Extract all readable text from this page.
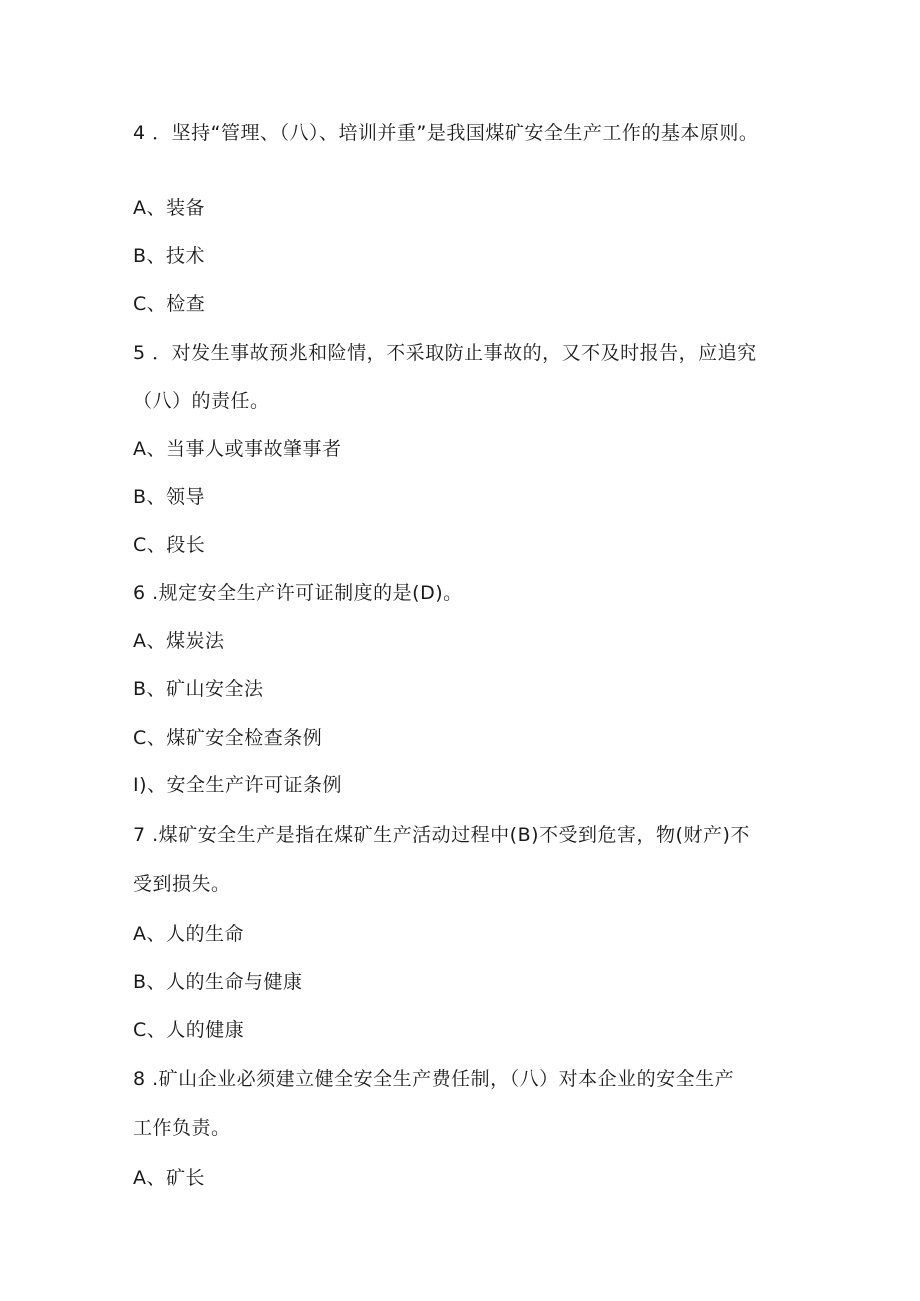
4 ．坚持“管理、（八）、培训并重”是我国煤矿安全生产工作的基本原则。
A、装备
B、技术
C、检查
5 ．对发生事故预兆和险情，不采取防止事故的，又不及时报告，应追究
（八）的责任。
A、当事人或事故肇事者
B、领导
C、段长
6 .规定安全生产许可证制度的是(D)。
A、煤炭法
B、矿山安全法
C、煤矿安全检查条例
I)、安全生产许可证条例
7 .煤矿安全生产是指在煤矿生产活动过程中(B)不受到危害，物(财产)不
受到损失。
A、人的生命
B、人的生命与健康
C、人的健康
8 .矿山企业必须建立健全安全生产费任制，（八）对本企业的安全生产
工作负责。
A、矿长
